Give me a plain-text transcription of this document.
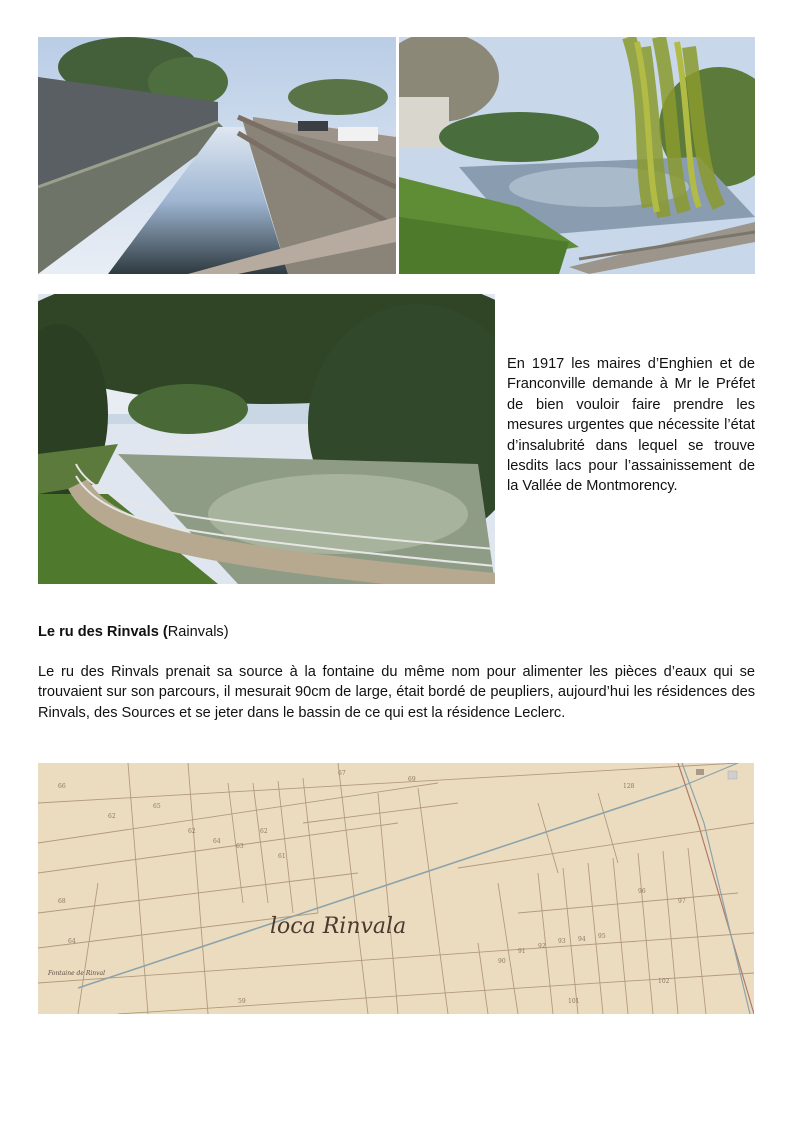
En 1917 les maires d’Enghien et de Franconville demande à Mr le Préfet de bien vouloir faire prendre les mesures urgentes que nécessite l’état d’insalubrité dans lequel se trouve lesdits lacs pour l’assainissement de la Vallée de Montmorency.

Le ru des Rinvals (Rainvals)

Le ru des Rinvals prenait sa source à la fontaine du même nom pour alimenter les pièces d’eaux qui se trouvaient sur son parcours, il mesurait 90cm de large, était bordé de peupliers, aujourd’hui les résidences des Rinvals, des Sources et se jeter dans le bassin de ce qui est la résidence Leclerc.

66
62
65
62
64
63
62
61
67
69
128
90
91
92
93 94 95
96
97
68
64
101
102
59
loca Rinvala
Fontaine de Rinval
